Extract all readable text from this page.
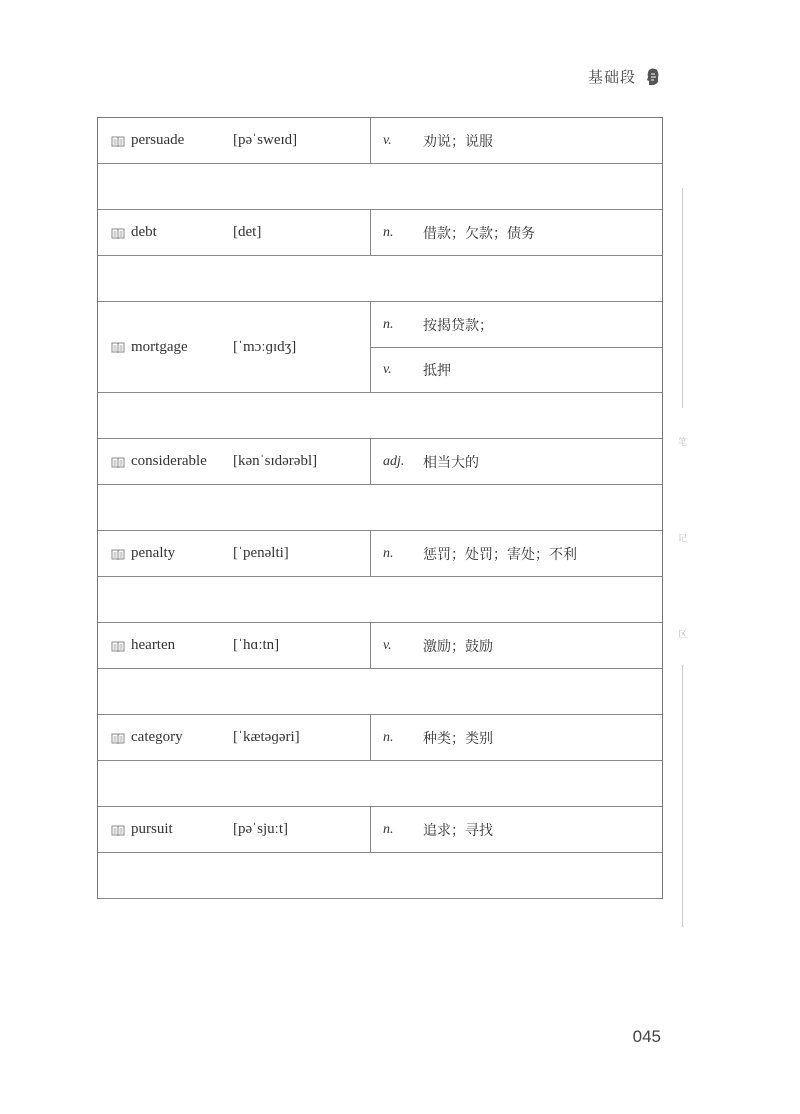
基础段
persuade	[pəˈsweɪd]	v.	劝说；说服
debt	[det]	n.	借款；欠款；债务
mortgage	[ˈmɔːɡɪdʒ]
n.	按揭贷款；
v.	抵押
considerable	[kənˈsɪdərəbl]	adj.	相当大的
penalty	[ˈpenəlti]	n.	惩罚；处罚；害处；不利
hearten	[ˈhɑːtn]	v.	激励；鼓励
category	[ˈkætəɡəri]	n.	种类；类别
pursuit	[pəˈsjuːt]	n.	追求；寻找
笔
记
区
045
